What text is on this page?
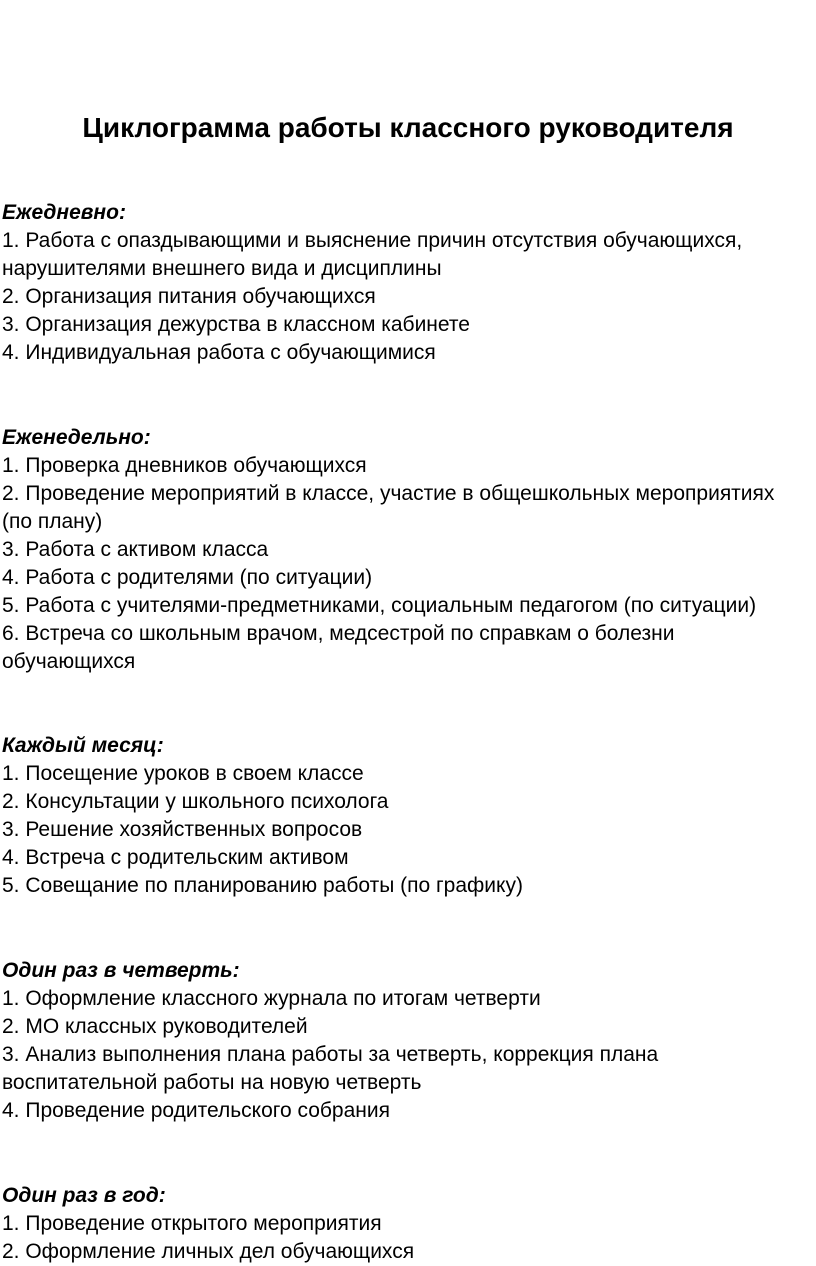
Циклограмма работы классного руководителя

Ежедневно:

1. Работа с опаздывающими и выяснение причин отсутствия обучающихся, нарушителями внешнего вида и дисциплины
2. Организация питания обучающихся
3. Организация дежурства в классном кабинете
4. Индивидуальная работа с обучающимися

Еженедельно:

1. Проверка дневников обучающихся
2. Проведение мероприятий в классе, участие в общешкольных мероприятиях (по плану)
3. Работа с активом класса
4. Работа с родителями (по ситуации)
5. Работа с учителями-предметниками, социальным педагогом (по ситуации)
6. Встреча со школьным врачом, медсестрой по справкам о болезни обучающихся

Каждый месяц:

1. Посещение уроков в своем классе
2. Консультации у школьного психолога
3. Решение хозяйственных вопросов
4. Встреча с родительским активом
5. Совещание по планированию работы (по графику)

Один раз в четверть:

1. Оформление классного журнала по итогам четверти
2. МО классных руководителей
3. Анализ выполнения плана работы за четверть, коррекция плана воспитательной работы на новую четверть
4. Проведение родительского собрания

Один раз в год:

1. Проведение открытого мероприятия
2. Оформление личных дел обучающихся
